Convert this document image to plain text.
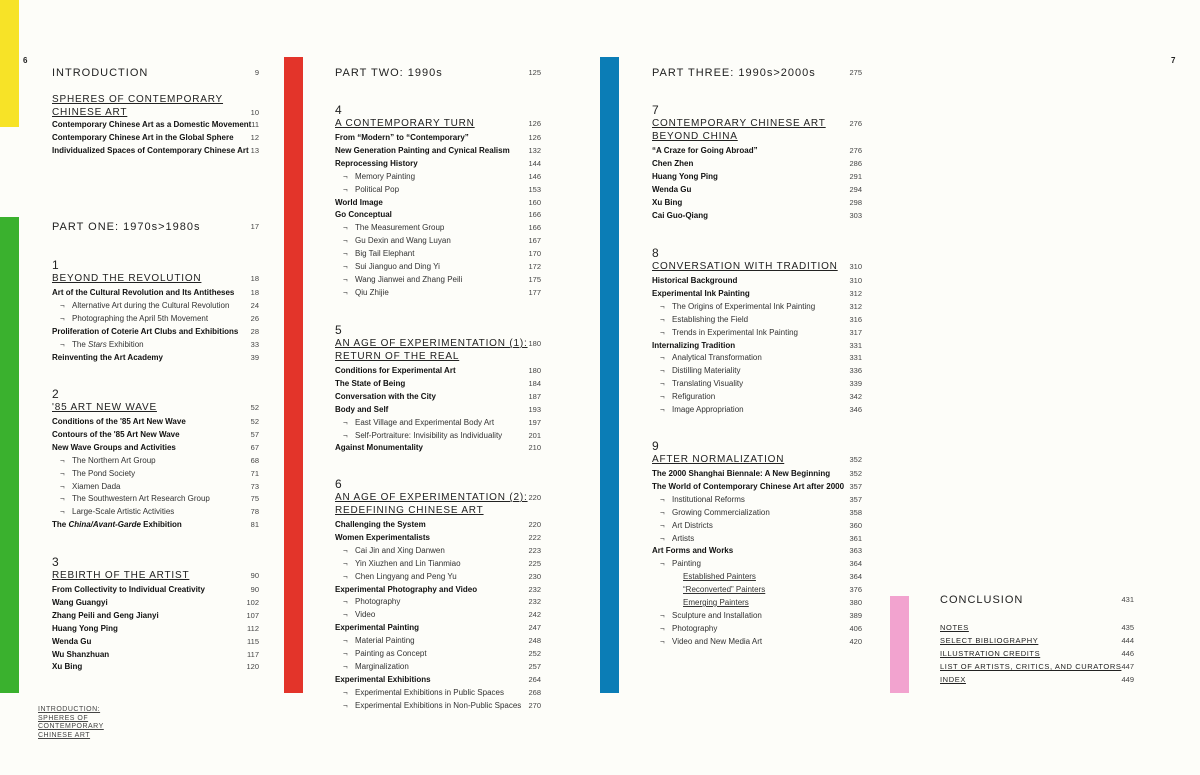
6	7
INTRODUCTION	9
SPHERES OF CONTEMPORARY
CHINESE ART	10
Contemporary Chinese Art as a Domestic Movement 11
Contemporary Chinese Art in the Global Sphere 12
Individualized Spaces of Contemporary Chinese Art 13
PART ONE: 1970s>1980s	17
1
BEYOND THE REVOLUTION	18
Art of the Cultural Revolution and Its Antitheses 18
¬ Alternative Art during the Cultural Revolution	24
¬ Photographing the April 5th Movement	26
Proliferation of Coterie Art Clubs and Exhibitions 28
¬ The Stars Exhibition	33
Reinventing the Art Academy	39
2
'85 ART NEW WAVE	52
Conditions of the '85 Art New Wave	52
Contours of the '85 Art New Wave	57
New Wave Groups and Activities	67
¬ The Northern Art Group	68
¬ The Pond Society	71
¬ Xiamen Dada	73
¬ The Southwestern Art Research Group	75
¬ Large-Scale Artistic Activities	78
The China/Avant-Garde Exhibition	81
3
REBIRTH OF THE ARTIST	90
From Collectivity to Individual Creativity	90
Wang Guangyi	102
Zhang Peili and Geng Jianyi	107
Huang Yong Ping	112
Wenda Gu	115
Wu Shanzhuan	117
Xu Bing	120
PART TWO: 1990s	125
4
A CONTEMPORARY TURN	126
From “Modern” to “Contemporary”	126
New Generation Painting and Cynical Realism	132
Reprocessing History	144
¬ Memory Painting	146
¬ Political Pop	153
World Image	160
Go Conceptual	166
¬ The Measurement Group	166
¬ Gu Dexin and Wang Luyan	167
¬ Big Tail Elephant	170
¬ Sui Jianguo and Ding Yi	172
¬ Wang Jianwei and Zhang Peili	175
¬ Qiu Zhijie	177
5
AN AGE OF EXPERIMENTATION (1):
RETURN OF THE REAL
180
Conditions for Experimental Art	180
The State of Being	184
Conversation with the City	187
Body and Self	193
¬ East Village and Experimental Body Art	197
¬ Self-Portraiture: Invisibility as Individuality	201
Against Monumentality	210
6
AN AGE OF EXPERIMENTATION (2):
REDEFINING CHINESE ART
220
Challenging the System	220
Women Experimentalists	222
¬ Cai Jin and Xing Danwen	223
¬ Yin Xiuzhen and Lin Tianmiao	225
¬ Chen Lingyang and Peng Yu	230
Experimental Photography and Video	232
¬ Photography	232
¬ Video	242
Experimental Painting	247
¬ Material Painting	248
¬ Painting as Concept	252
¬ Marginalization	257
Experimental Exhibitions	264
¬ Experimental Exhibitions in Public Spaces	268
¬ Experimental Exhibitions in Non-Public Spaces 270
PART THREE: 1990s>2000s	275
7
CONTEMPORARY CHINESE ART
BEYOND CHINA
276
“A Craze for Going Abroad”	276
Chen Zhen	286
Huang Yong Ping	291
Wenda Gu	294
Xu Bing	298
Cai Guo-Qiang	303
8
CONVERSATION WITH TRADITION	310
Historical Background	310
Experimental Ink Painting	312
¬ The Origins of Experimental Ink Painting	312
¬ Establishing the Field	316
¬ Trends in Experimental Ink Painting	317
Internalizing Tradition	331
¬ Analytical Transformation	331
¬ Distilling Materiality	336
¬ Translating Visuality	339
¬ Refiguration	342
¬ Image Appropriation	346
9
AFTER NORMALIZATION	352
The 2000 Shanghai Biennale: A New Beginning	352
The World of Contemporary Chinese Art after 2000 357
¬ Institutional Reforms	357
¬ Growing Commercialization	358
¬ Art Districts	360
¬ Artists	361
Art Forms and Works	363
¬ Painting	364
Established Painters	364
“Reconverted” Painters	376
Emerging Painters	380
¬ Sculpture and Installation	389
¬ Photography	406
¬ Video and New Media Art	420
CONCLUSION	431
NOTES	435
SELECT BIBLIOGRAPHY	444
ILLUSTRATION CREDITS	446
LIST OF ARTISTS, CRITICS, AND CURATORS 447
INDEX	449
INTRODUCTION:
SPHERES OF
CONTEMPORARY
CHINESE ART
